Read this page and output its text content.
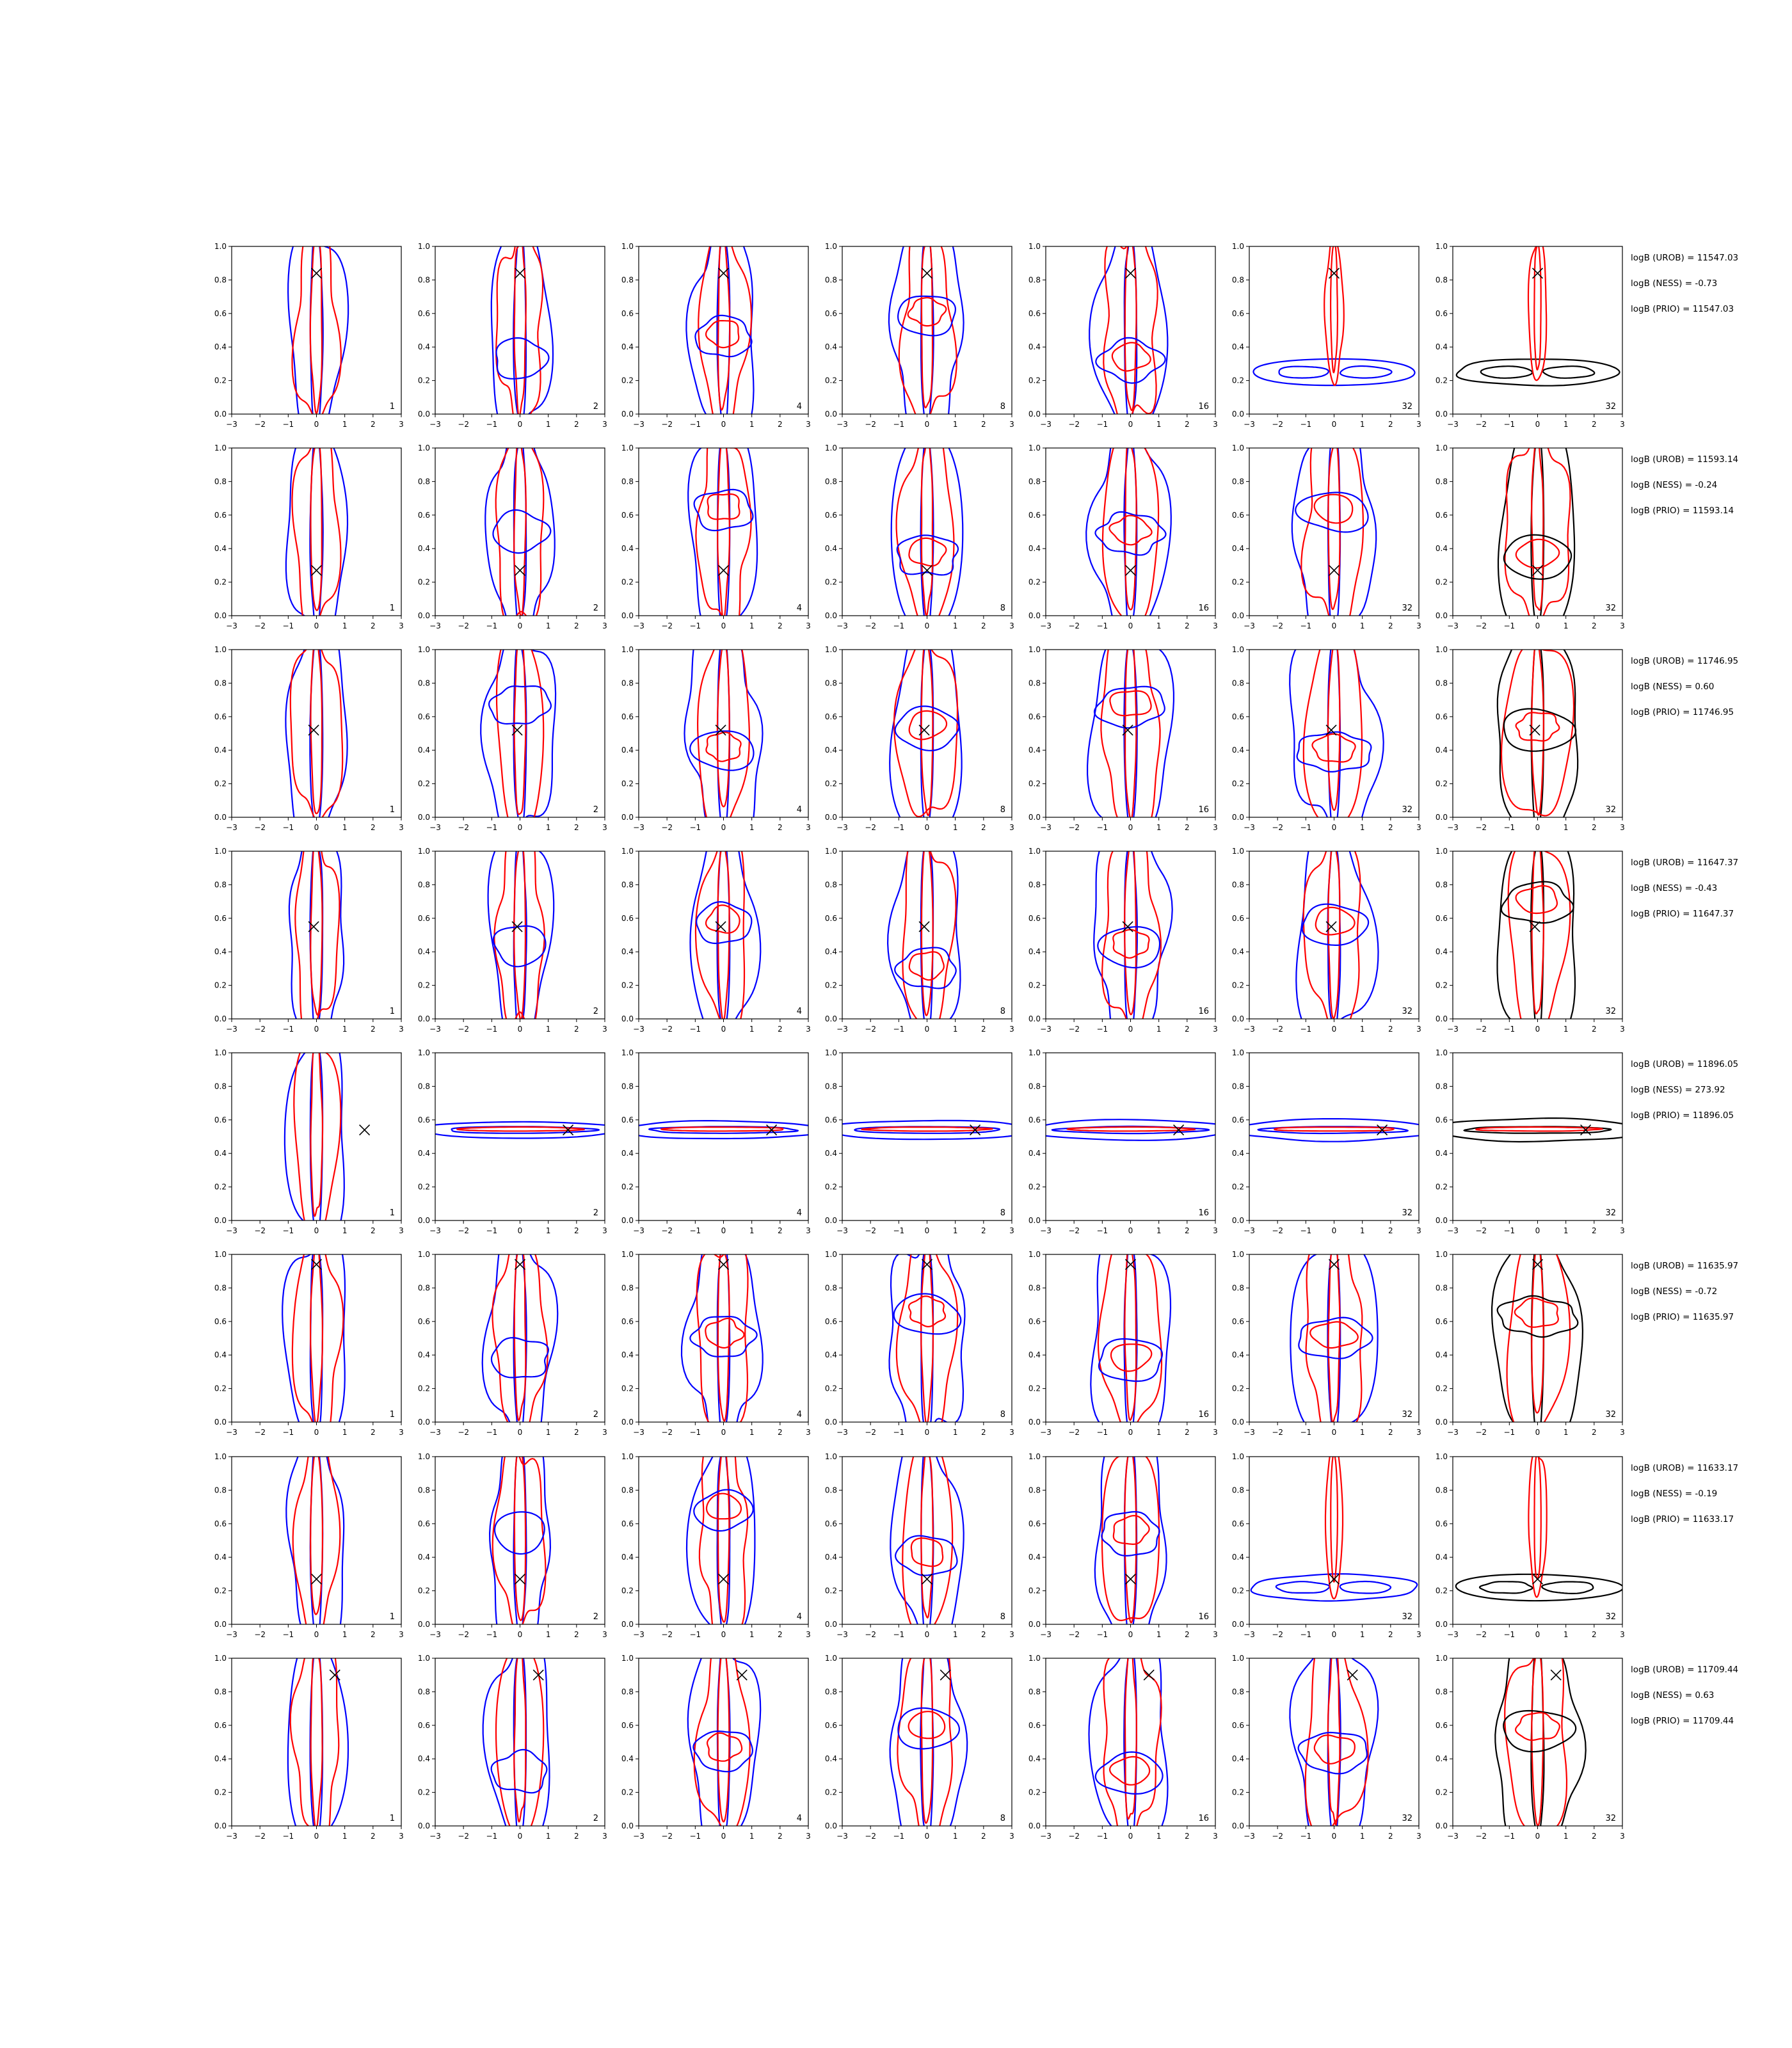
−3 −2 −1	0	1	2	3
0.0
0.2
0.4
0.6
0.8
1.0
1
−3 −2 −1	0	1	2	3
0.0
0.2
0.4
0.6
0.8
1.0
2
−3 −2 −1	0	1	2	3
0.0
0.2
0.4
0.6
0.8
1.0
4
−3 −2 −1	0	1	2	3
0.0
0.2
0.4
0.6
0.8
1.0
8
−3 −2 −1	0	1	2	3
0.0
0.2
0.4
0.6
0.8
1.0
16
−3 −2 −1	0	1	2	3
0.0
0.2
0.4
0.6
0.8
1.0
32
−3 −2 −1	0	1	2	3
0.0
0.2
0.4
0.6
0.8
1.0
32
−3 −2 −1	0	1	2	3
0.0
0.2
0.4
0.6
0.8
1.0
1
−3 −2 −1	0	1	2	3
0.0
0.2
0.4
0.6
0.8
1.0
2
−3 −2 −1	0	1	2	3
0.0
0.2
0.4
0.6
0.8
1.0
4
−3 −2 −1	0	1	2	3
0.0
0.2
0.4
0.6
0.8
1.0
8
−3 −2 −1	0	1	2	3
0.0
0.2
0.4
0.6
0.8
1.0
16
−3 −2 −1	0	1	2	3
0.0
0.2
0.4
0.6
0.8
1.0
32
−3 −2 −1	0	1	2	3
0.0
0.2
0.4
0.6
0.8
1.0
32
−3 −2 −1	0	1	2	3
0.0
0.2
0.4
0.6
0.8
1.0
1
−3 −2 −1	0	1	2	3
0.0
0.2
0.4
0.6
0.8
1.0
2
−3 −2 −1	0	1	2	3
0.0
0.2
0.4
0.6
0.8
1.0
4
−3 −2 −1	0	1	2	3
0.0
0.2
0.4
0.6
0.8
1.0
8
−3 −2 −1	0	1	2	3
0.0
0.2
0.4
0.6
0.8
1.0
16
−3 −2 −1	0	1	2	3
0.0
0.2
0.4
0.6
0.8
1.0
32
−3 −2 −1	0	1	2	3
0.0
0.2
0.4
0.6
0.8
1.0
32
−3 −2 −1	0	1	2	3
0.0
0.2
0.4
0.6
0.8
1.0
1
−3 −2 −1	0	1	2	3
0.0
0.2
0.4
0.6
0.8
1.0
2
−3 −2 −1	0	1	2	3
0.0
0.2
0.4
0.6
0.8
1.0
4
−3 −2 −1	0	1	2	3
0.0
0.2
0.4
0.6
0.8
1.0
8
−3 −2 −1	0	1	2	3
0.0
0.2
0.4
0.6
0.8
1.0
16
−3 −2 −1	0	1	2	3
0.0
0.2
0.4
0.6
0.8
1.0
32
−3 −2 −1	0	1	2	3
0.0
0.2
0.4
0.6
0.8
1.0
32
−3 −2 −1	0	1	2	3
0.0
0.2
0.4
0.6
0.8
1.0
1
−3 −2 −1	0	1	2	3
0.0
0.2
0.4
0.6
0.8
1.0
2
−3 −2 −1	0	1	2	3
0.0
0.2
0.4
0.6
0.8
1.0
4
−3 −2 −1	0	1	2	3
0.0
0.2
0.4
0.6
0.8
1.0
8
−3 −2 −1	0	1	2	3
0.0
0.2
0.4
0.6
0.8
1.0
16
−3 −2 −1	0	1	2	3
0.0
0.2
0.4
0.6
0.8
1.0
32
−3 −2 −1	0	1	2	3
0.0
0.2
0.4
0.6
0.8
1.0
32
−3 −2 −1	0	1	2	3
0.0
0.2
0.4
0.6
0.8
1.0
1
−3 −2 −1	0	1	2	3
0.0
0.2
0.4
0.6
0.8
1.0
2
−3 −2 −1	0	1	2	3
0.0
0.2
0.4
0.6
0.8
1.0
4
−3 −2 −1	0	1	2	3
0.0
0.2
0.4
0.6
0.8
1.0
8
−3 −2 −1	0	1	2	3
0.0
0.2
0.4
0.6
0.8
1.0
16
−3 −2 −1	0	1	2	3
0.0
0.2
0.4
0.6
0.8
1.0
32
−3 −2 −1	0	1	2	3
0.0
0.2
0.4
0.6
0.8
1.0
32
−3 −2 −1	0	1	2	3
0.0
0.2
0.4
0.6
0.8
1.0
1
−3 −2 −1	0	1	2	3
0.0
0.2
0.4
0.6
0.8
1.0
2
−3 −2 −1	0	1	2	3
0.0
0.2
0.4
0.6
0.8
1.0
4
−3 −2 −1	0	1	2	3
0.0
0.2
0.4
0.6
0.8
1.0
8
−3 −2 −1	0	1	2	3
0.0
0.2
0.4
0.6
0.8
1.0
16
−3 −2 −1	0	1	2	3
0.0
0.2
0.4
0.6
0.8
1.0
32
−3 −2 −1	0	1	2	3
0.0
0.2
0.4
0.6
0.8
1.0
32
−3 −2 −1	0	1	2	3
0.0
0.2
0.4
0.6
0.8
1.0
1
−3 −2 −1	0	1	2	3
0.0
0.2
0.4
0.6
0.8
1.0
2
−3 −2 −1	0	1	2	3
0.0
0.2
0.4
0.6
0.8
1.0
4
−3 −2 −1	0	1	2	3
0.0
0.2
0.4
0.6
0.8
1.0
8
−3 −2 −1	0	1	2	3
0.0
0.2
0.4
0.6
0.8
1.0
16
−3 −2 −1	0	1	2	3
0.0
0.2
0.4
0.6
0.8
1.0
32
−3 −2 −1	0	1	2	3
0.0
0.2
0.4
0.6
0.8
1.0
32
logB (UROB) = 11547.03
logB (NESS) = -0.73
logB (PRIO) = 11547.03
logB (UROB) = 11593.14
logB (NESS) = -0.24
logB (PRIO) = 11593.14
logB (UROB) = 11746.95
logB (NESS) = 0.60
logB (PRIO) = 11746.95
logB (UROB) = 11647.37
logB (NESS) = -0.43
logB (PRIO) = 11647.37
logB (UROB) = 11896.05
logB (NESS) = 273.92
logB (PRIO) = 11896.05
logB (UROB) = 11635.97
logB (NESS) = -0.72
logB (PRIO) = 11635.97
logB (UROB) = 11633.17
logB (NESS) = -0.19
logB (PRIO) = 11633.17
logB (UROB) = 11709.44
logB (NESS) = 0.63
logB (PRIO) = 11709.44
